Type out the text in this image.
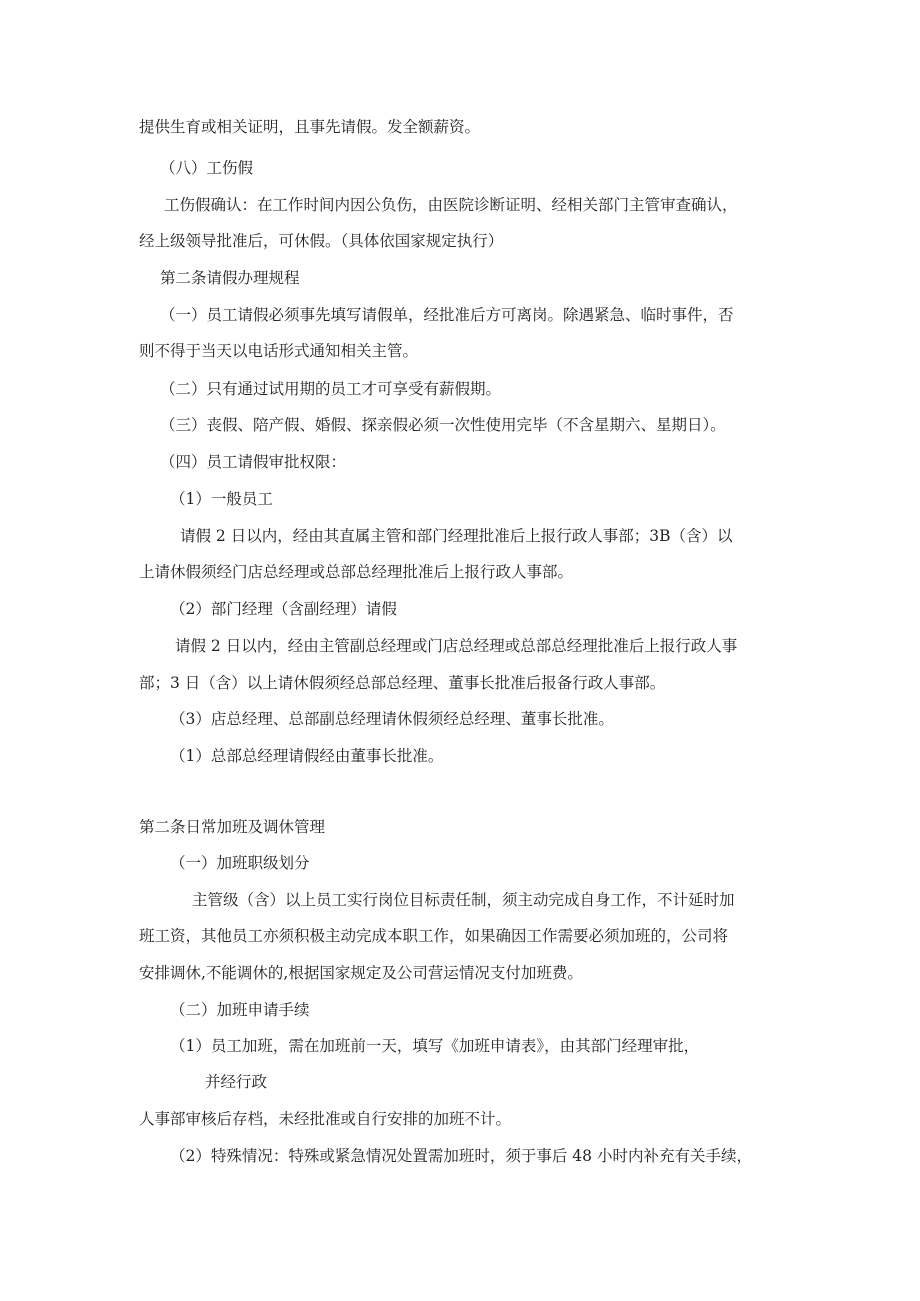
提供生育或相关证明，且事先请假。发全额薪资。
（八）工伤假
工伤假确认：在工作时间内因公负伤，由医院诊断证明、经相关部门主管审查确认，
经上级领导批准后，可休假。（具体依国家规定执行）
第二条请假办理规程
（一）员工请假必须事先填写请假单，经批准后方可离岗。除遇紧急、临时事件，否
则不得于当天以电话形式通知相关主管。
（二）只有通过试用期的员工才可享受有薪假期。
（三）丧假、陪产假、婚假、探亲假必须一次性使用完毕（不含星期六、星期日）。
（四）员工请假审批权限：
（1）一般员工
请假 2 日以内，经由其直属主管和部门经理批准后上报行政人事部；3B（含）以
上请休假须经门店总经理或总部总经理批准后上报行政人事部。
（2）部门经理（含副经理）请假
请假 2 日以内，经由主管副总经理或门店总经理或总部总经理批准后上报行政人事
部；3 日（含）以上请休假须经总部总经理、董事长批准后报备行政人事部。
（3）店总经理、总部副总经理请休假须经总经理、董事长批准。
（1）总部总经理请假经由董事长批准。
第二条日常加班及调休管理
（一）加班职级划分
主管级（含）以上员工实行岗位目标责任制，须主动完成自身工作，不计延时加
班工资，其他员工亦须积极主动完成本职工作，如果确因工作需要必须加班的，公司将
安排调休,不能调休的,根据国家规定及公司营运情况支付加班费。
（二）加班申请手续
（1）员工加班，需在加班前一天，填写《加班申请表》，由其部门经理审批，
并经行政
人事部审核后存档，未经批准或自行安排的加班不计。
（2）特殊情况：特殊或紧急情况处置需加班时，须于事后 48 小时内补充有关手续，
